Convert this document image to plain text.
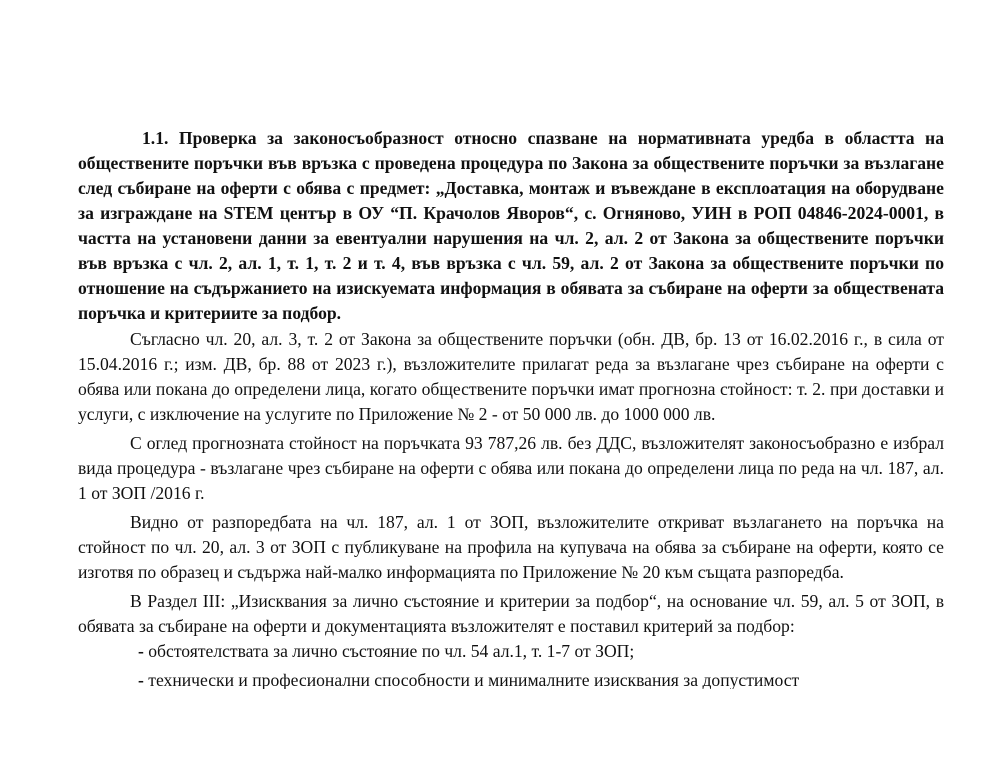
1.1. Проверка за законосъобразност относно спазване на нормативната уредба в областта на обществените поръчки във връзка с проведена процедура по Закона за обществените поръчки за възлагане след събиране на оферти с обява с предмет: „Доставка, монтаж и въвеждане в експлоатация на оборудване за изграждане на STEM център в ОУ “П. Крачолов Яворов“, с. Огняново, УИН в РОП 04846-2024-0001, в частта на установени данни за евентуални нарушения на чл. 2, ал. 2 от Закона за обществените поръчки във връзка с чл. 2, ал. 1, т. 1, т. 2 и т. 4, във връзка с чл. 59, ал. 2 от Закона за обществените поръчки по отношение на съдържанието на изискуемата информация в обявата за събиране на оферти за обществената поръчка и критериите за подбор.

Съгласно чл. 20, ал. 3, т. 2 от Закона за обществените поръчки (обн. ДВ, бр. 13 от 16.02.2016 г., в сила от 15.04.2016 г.; изм. ДВ, бр. 88 от 2023 г.), възложителите прилагат реда за възлагане чрез събиране на оферти с обява или покана до определени лица, когато обществените поръчки имат прогнозна стойност: т. 2. при доставки и услуги, с изключение на услугите по Приложение № 2 - от 50 000 лв. до 1000 000 лв.

С оглед прогнозната стойност на поръчката 93 787,26 лв. без ДДС, възложителят законосъобразно е избрал вида процедура - възлагане чрез събиране на оферти с обява или покана до определени лица по реда на чл. 187, ал. 1 от ЗОП /2016 г.

Видно от разпоредбата на чл. 187, ал. 1 от ЗОП, възложителите откриват възлагането на поръчка на стойност по чл. 20, ал. 3 от ЗОП с публикуване на профила на купувача на обява за събиране на оферти, която се изготвя по образец и съдържа най-малко информацията по Приложение № 20 към същата разпоредба.

В Раздел III: „Изисквания за лично състояние и критерии за подбор“, на основание чл. 59, ал. 5 от ЗОП, в обявата за събиране на оферти и документацията възложителят е поставил критерий за подбор:

- обстоятелствата за лично състояние по чл. 54 ал.1, т. 1-7 от ЗОП;

- технически и професионални способности и минималните изисквания за допустимост
